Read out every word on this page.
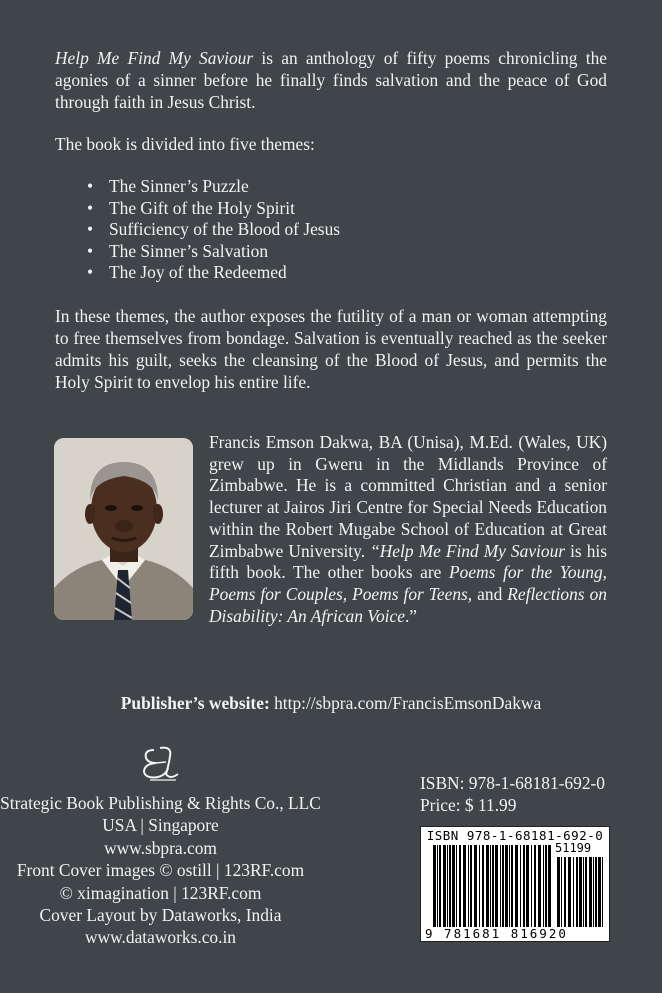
Help Me Find My Saviour is an anthology of fifty poems chronicling the agonies of a sinner before he finally finds salvation and the peace of God through faith in Jesus Christ.

The book is divided into five themes:

• The Sinner’s Puzzle
• The Gift of the Holy Spirit
• Sufficiency of the Blood of Jesus
• The Sinner’s Salvation
• The Joy of the Redeemed

In these themes, the author exposes the futility of a man or woman attempting to free themselves from bondage. Salvation is eventually reached as the seeker admits his guilt, seeks the cleansing of the Blood of Jesus, and permits the Holy Spirit to envelop his entire life.

Francis Emson Dakwa, BA (Unisa), M.Ed. (Wales, UK) grew up in Gweru in the Midlands Province of Zimbabwe. He is a committed Christian and a senior lecturer at Jairos Jiri Centre for Special Needs Education within the Robert Mugabe School of Education at Great Zimbabwe University. “Help Me Find My Saviour is his fifth book. The other books are Poems for the Young, Poems for Couples, Poems for Teens, and Reflections on Disability: An African Voice.”

Publisher’s website: http://sbpra.com/FrancisEmsonDakwa
Strategic Book Publishing & Rights Co., LLC
USA | Singapore
www.sbpra.com
Front Cover images © ostill | 123RF.com
© ximagination | 123RF.com
Cover Layout by Dataworks, India
www.dataworks.co.in
ISBN: 978-1-68181-692-0
Price: $ 11.99
ISBN 978-1-68181-692-0
51199
9 781681 816920
